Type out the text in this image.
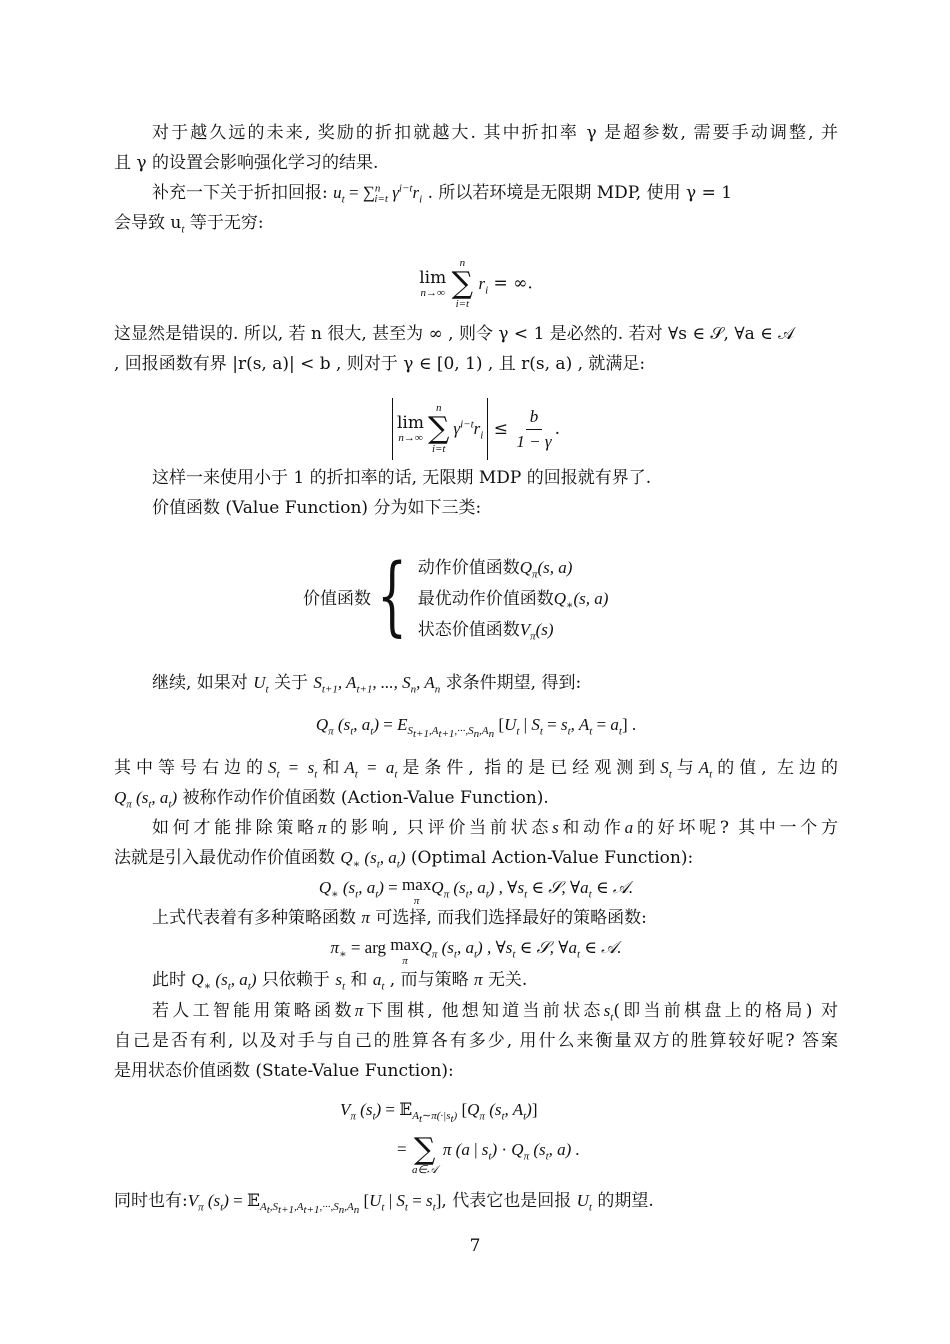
对于越久远的未来, 奖励的折扣就越大. 其中折扣率 γ 是超参数, 需要手动调整, 并
且 γ 的设置会影响强化学习的结果.
补充一下关于折扣回报: $u_t = \sum^n_{i=t}$ $\gamma^{i-t}r_i$ . 所以若环境是无限期 MDP, 使用 γ = 1
会导致 $u_t$ 等于无穷:
lim
n→∞

n
∑
i=t
$r_i$ = ∞.
这显然是错误的. 所以, 若 n 很大, 甚至为 ∞ , 则令 γ < 1 是必然的. 若对 ∀s ∈ 𝒮, ∀a ∈ 𝒜
, 回报函数有界 |r(s, a)| < b , 则对于 γ ∈ [0, 1) , 且 r(s, a) , 就满足:
lim
n→∞
n
∑
i=t
$\gamma^{i-t}r_i \le \frac{b}{1 - \gamma}$ .
这样一来使用小于 1 的折扣率的话, 无限期 MDP 的回报就有界了.
价值函数 (Value Function) 分为如下三类:
价值函数 { 动作价值函数$Q_\pi(s$, a)
最优动作价值函数$Q_∗(s$, a)
状态价值函数$V_\pi(s)$
继续, 如果对 $U_t$ 关于 $S_{t+1}$, $A_{t+1}$, ..., $S_n$, $A_n$ 求条件期望, 得到:
$Q_\pi$ ($s_t$, $a_t) = E_{S_{t+1},A_{t+1},\cdot\cdot\cdot,S_n,A_n}$ [$U_t$ | $S_t = s_t$, $A_t = a_t$] .
其中等号右边的$S_t = s_t$和$A_t = a_t$是条件, 指的是已经观测到$S_t$与$A_t$的值, 左边的
$Q_\pi$ ($s_t$, $a_t$) 被称作动作价值函数 (Action-Value Function).
如何才能排除策略π的影响, 只评价当前状态s和动作a的好坏呢? 其中一个方
法就是引入最优动作价值函数 $Q_∗$ ($s_t$, $a_t$) (Optimal Action-Value Function):
$Q_∗$ ($s_t$, $a_t) = \max$
π
$Q_\pi$ ($s_t$, $a_t$) , $\forall s_t$ ∈ 𝒮, $\forall a_t$ ∈ 𝒜.
上式代表着有多种策略函数 π 可选择, 而我们选择最好的策略函数:
$\pi_∗$ = arg max
π
$Q_\pi$ ($s_t$, $a_t$) , $\forall s_t$ ∈ 𝒮, $\forall a_t$ ∈ 𝒜.
此时 $Q_∗$ ($s_t$, $a_t$) 只依赖于 $s_t$ 和 $a_t$ , 而与策略 π 无关.
若人工智能用策略函数π下围棋, 他想知道当前状态$s_t$(即当前棋盘上的格局) 对
自己是否有利, 以及对手与自己的胜算各有多少, 用什么来衡量双方的胜算较好呢? 答案
是用状态价值函数 (State-Value Function):
$V_\pi$ $(s_t)$ = 𝔼$_{A_t\sim\pi(\cdot|s_t)}$ [$Q_\pi$ ($s_t$, $A_t$)]
=
∑
a∈𝒜
π (a | $s_t) \cdot Q_\pi$ ($s_t$, a) .
同时也有$:V_\pi$ $(s_t)$ = 𝔼$_{A_t,S_{t+1},A_{t+1},\cdot\cdot\cdot,S_n,A_n}$ [$U_t$ | $S_t = s_t$], 代表它也是回报 $U_t$ 的期望.
7
